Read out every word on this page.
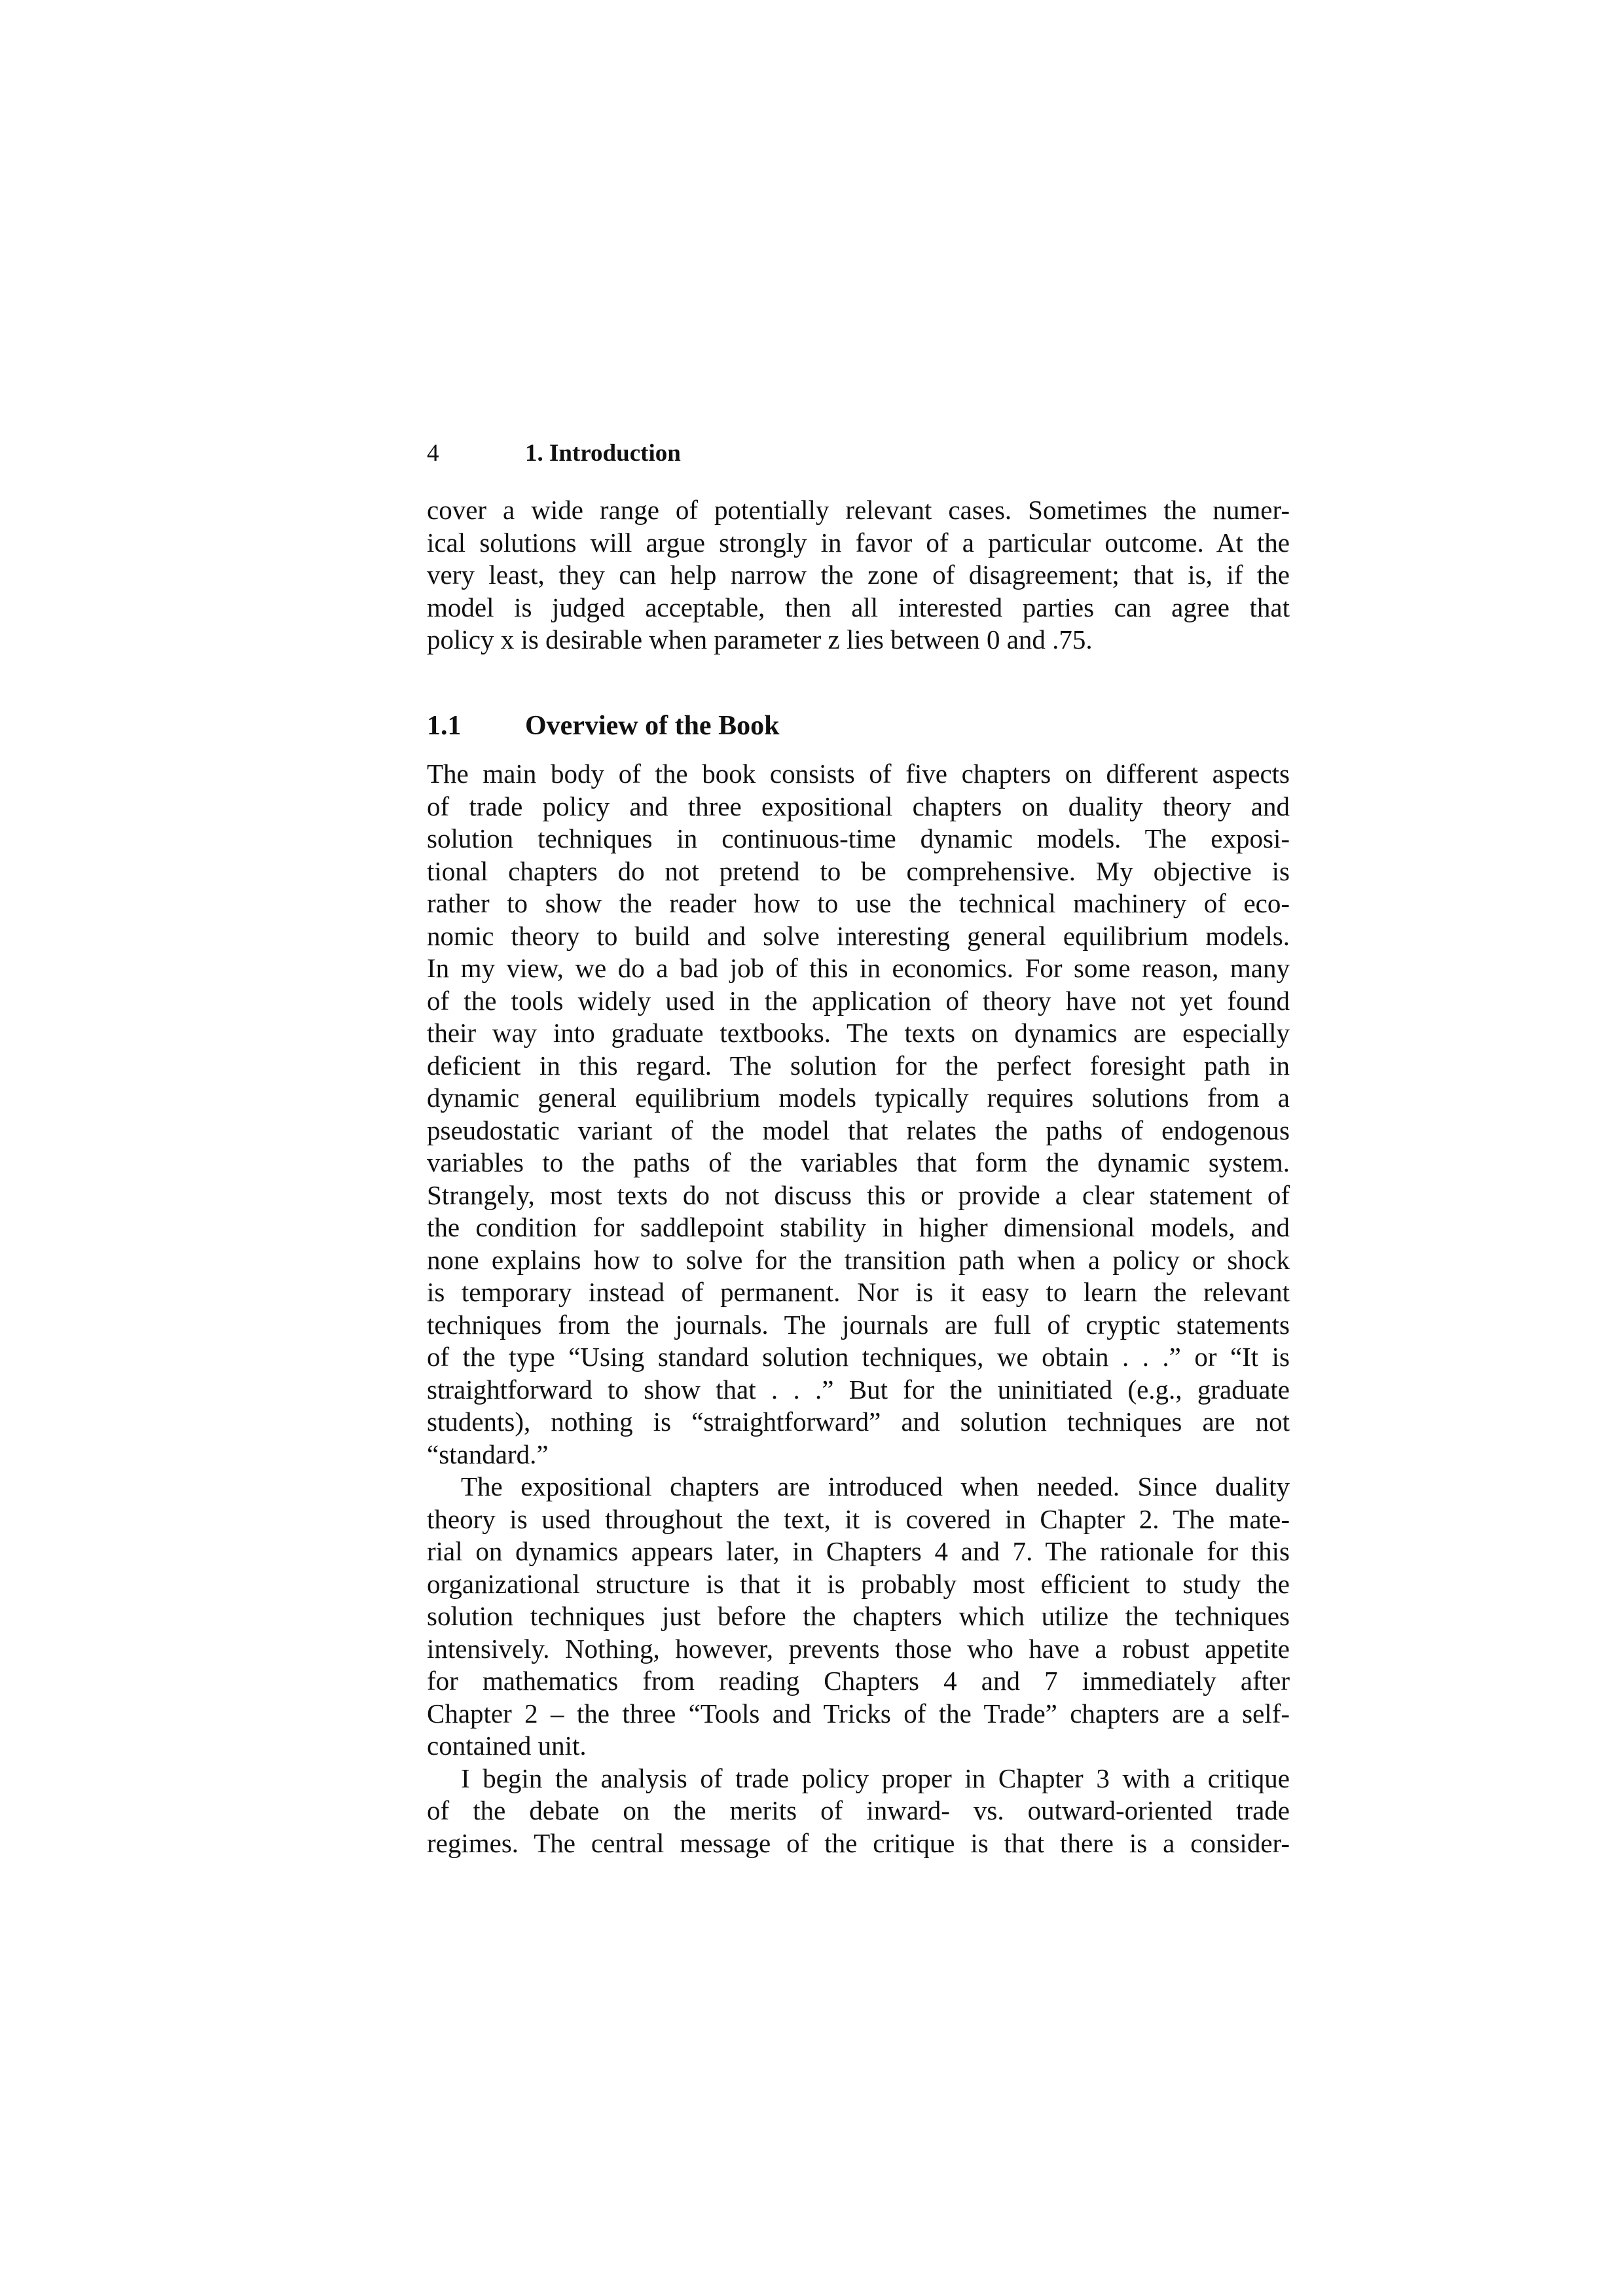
4	1. Introduction
cover a wide range of potentially relevant cases. Sometimes the numer-
ical solutions will argue strongly in favor of a particular outcome. At the
very least, they can help narrow the zone of disagreement; that is, if the
model is judged acceptable, then all interested parties can agree that
policy x is desirable when parameter z lies between 0 and .75.
1.1 Overview of the Book
The main body of the book consists of five chapters on different aspects
of trade policy and three expositional chapters on duality theory and
solution techniques in continuous-time dynamic models. The exposi-
tional chapters do not pretend to be comprehensive. My objective is
rather to show the reader how to use the technical machinery of eco-
nomic theory to build and solve interesting general equilibrium models.
In my view, we do a bad job of this in economics. For some reason, many
of the tools widely used in the application of theory have not yet found
their way into graduate textbooks. The texts on dynamics are especially
deficient in this regard. The solution for the perfect foresight path in
dynamic general equilibrium models typically requires solutions from a
pseudostatic variant of the model that relates the paths of endogenous
variables to the paths of the variables that form the dynamic system.
Strangely, most texts do not discuss this or provide a clear statement of
the condition for saddlepoint stability in higher dimensional models, and
none explains how to solve for the transition path when a policy or shock
is temporary instead of permanent. Nor is it easy to learn the relevant
techniques from the journals. The journals are full of cryptic statements
of the type “Using standard solution techniques, we obtain . . .” or “It is
straightforward to show that . . .” But for the uninitiated (e.g., graduate
students), nothing is “straightforward” and solution techniques are not
“standard.”
The expositional chapters are introduced when needed. Since duality
theory is used throughout the text, it is covered in Chapter 2. The mate-
rial on dynamics appears later, in Chapters 4 and 7. The rationale for this
organizational structure is that it is probably most efficient to study the
solution techniques just before the chapters which utilize the techniques
intensively. Nothing, however, prevents those who have a robust appetite
for mathematics from reading Chapters 4 and 7 immediately after
Chapter 2 – the three “Tools and Tricks of the Trade” chapters are a self-
contained unit.
I begin the analysis of trade policy proper in Chapter 3 with a critique
of the debate on the merits of inward- vs. outward-oriented trade
regimes. The central message of the critique is that there is a consider-
